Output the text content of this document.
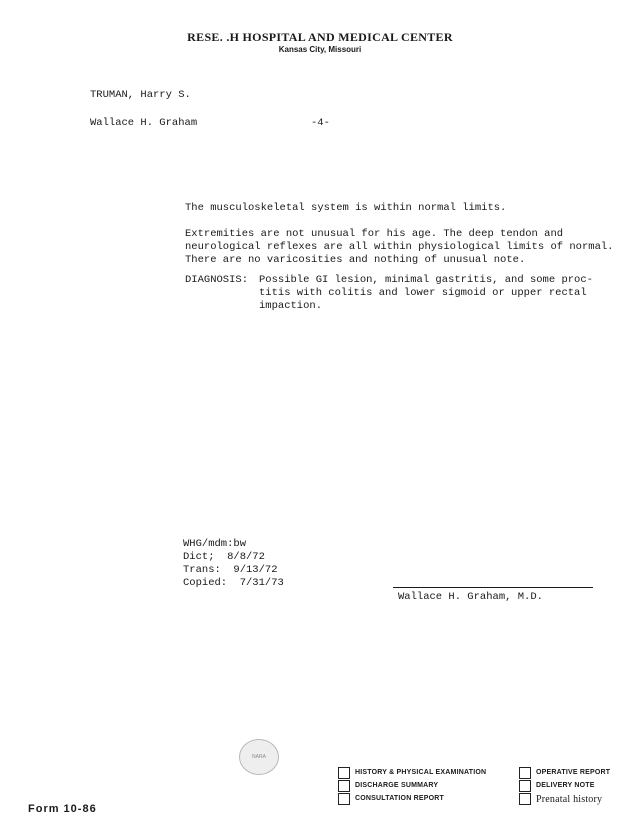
RESE. .H HOSPITAL AND MEDICAL CENTER
Kansas City, Missouri
TRUMAN, Harry S.
Wallace H. Graham	-4-
The musculoskeletal system is within normal limits.
Extremities are not unusual for his age. The deep tendon and neurological reflexes are all within physiological limits of normal. There are no varicosities and nothing of unusual note.
DIAGNOSIS: Possible GI lesion, minimal gastritis, and some proc-titis with colitis and lower sigmoid or upper rectal impaction.
WHG/mdm:bw
Dict;  8/8/72
Trans:  9/13/72
Copied:  7/31/73
Wallace H. Graham, M.D.
NARA
HISTORY & PHYSICAL EXAMINATION
DISCHARGE SUMMARY
CONSULTATION REPORT
OPERATIVE REPORT
DELIVERY NOTE
Prenatal history
Form 10-86
